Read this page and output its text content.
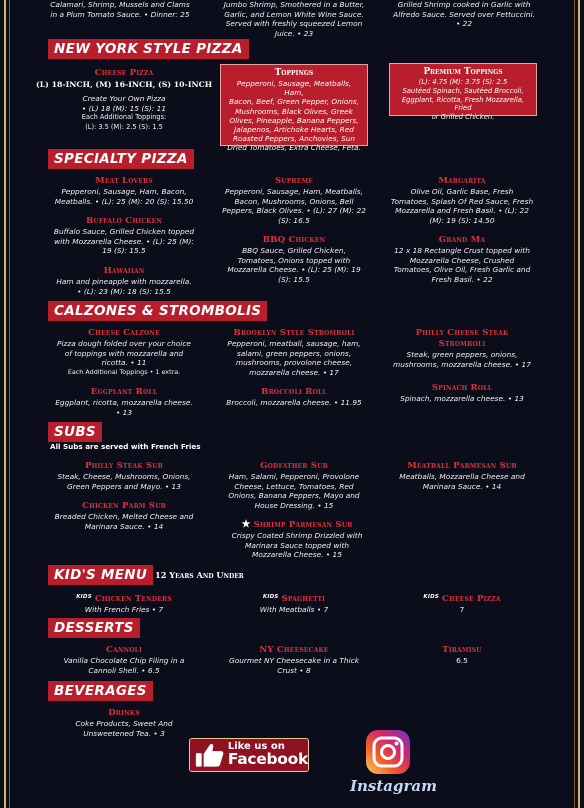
Calamari, Shrimp, Mussels and Clams
in a Plum Tomato Sauce. • Dinner: 25
Jumbo Shrimp, Smothered in a Butter,
Garlic, and Lemon White Wine Sauce.
Served with freshly squeezed Lemon
Juice. • 23
Grilled Shrimp cooked in Garlic with
Alfredo Sauce. Served over Fettuccini.
• 22
NEW YORK STYLE PIZZA
Cheese Pizza
(L) 18-INCH, (M) 16-INCH, (S) 10-INCH
Create Your Own Pizza
• (L) 18 (M): 15 (S): 11
Each Additional Toppings:
(L): 3.5 (M): 2.5 (S): 1.5
Toppings
Pepperoni, Sausage, Meatballs, Ham,
Bacon, Beef, Green Pepper, Onions,
Mushrooms, Black Olives, Greek
Olives, Pineapple, Banana Peppers,
Jalapenos, Artichoke Hearts, Red
Roasted Peppers, Anchovies, Sun
Dried Tomatoes, Extra Cheese, Feta.
Premium Toppings
(L): 4.75 (M): 3.75 (S): 2.5
Sautéed Spinach, Sautéed Broccoli,
Eggplant, Ricotta, Fresh Mozzarella, Fried
or Grilled Chicken.
SPECIALTY PIZZA
Meat Lovers
Pepperoni, Sausage, Ham, Bacon,
Meatballs. • (L): 25 (M): 20 (S): 15.50
Buffalo Chicken
Buffalo Sauce, Grilled Chicken topped
with Mozzarella Cheese. • (L): 25 (M):
19 (S): 15.5
Hawaiian
Ham and pineapple with mozzarella.
• (L): 23 (M): 18 (S): 15.5
Supreme
Pepperoni, Sausage, Ham, Meatballs,
Bacon, Mushrooms, Onions, Bell
Peppers, Black Olives. • (L): 27 (M): 22
(S): 16.5
BBQ Chicken
BBQ Sauce, Grilled Chicken,
Tomatoes, Onions topped with
Mozzarella Cheese. • (L): 25 (M): 19
(S): 15.5
Margarita
Olive Oil, Garlic Base, Fresh
Tomatoes, Splash Of Red Sauce, Fresh
Mozzarella and Fresh Basil. • (L): 22
(M): 19 (S): 14.50
Grand Ma
12 x 18 Rectangle Crust topped with
Mozzarella Cheese, Crushed
Tomatoes, Olive Oil, Fresh Garlic and
Fresh Basil. • 22
CALZONES & STROMBOLIS
Cheese Calzone
Pizza dough folded over your choice
of toppings with mozzarella and
ricotta. • 11
Each Additional Toppings • 1 extra.
Eggplant Roll
Eggplant, ricotta, mozzarella cheese.
• 13
Brooklyn Style Stromboli
Pepperoni, meatball, sausage, ham,
salami, green peppers, onions,
mushrooms, provolone cheese,
mozzarella cheese. • 17
Broccoli Roll
Broccoli, mozzarella cheese. • 11.95
Philly Cheese Steak
Stromboli
Steak, green peppers, onions,
mushrooms, mozzarella cheese. • 17
Spinach Roll
Spinach, mozzarella cheese. • 13
SUBS
All Subs are served with French Fries
Philly Steak Sub
Steak, Cheese, Mushrooms, Onions,
Green Peppers and Mayo. • 13
Chicken Parm Sub
Breaded Chicken, Melted Cheese and
Marinara Sauce. • 14
Godfather Sub
Ham, Salami, Pepperoni, Provolone
Cheese, Lettuce, Tomatoes, Red
Onions, Banana Peppers, Mayo and
House Dressing. • 15
★ Shrimp Parmesan Sub
Crispy Coated Shrimp Drizzled with
Marinara Sauce topped with
Mozzarella Cheese. • 15
Meatball Parmesan Sub
Meatballs, Mozzarella Cheese and
Marinara Sauce. • 14
KID'S MENU 12 Years And Under
$^{KIDS}$ Chicken Tenders
With French Fries • 7
$^{KIDS}$ Spaghetti
With Meatballs • 7
$^{KIDS}$ Cheese Pizza
7
DESSERTS
Cannoli
Vanilla Chocolate Chip Filing in a
Cannoli Shell. • 6.5
NY Cheesecake
Gourmet NY Cheesecake in a Thick
Crust • 8
Tiramisu
6.5
BEVERAGES
Drinks
Coke Products, Sweet And
Unsweetened Tea. • 3
Like us on
Facebook
Instagram
